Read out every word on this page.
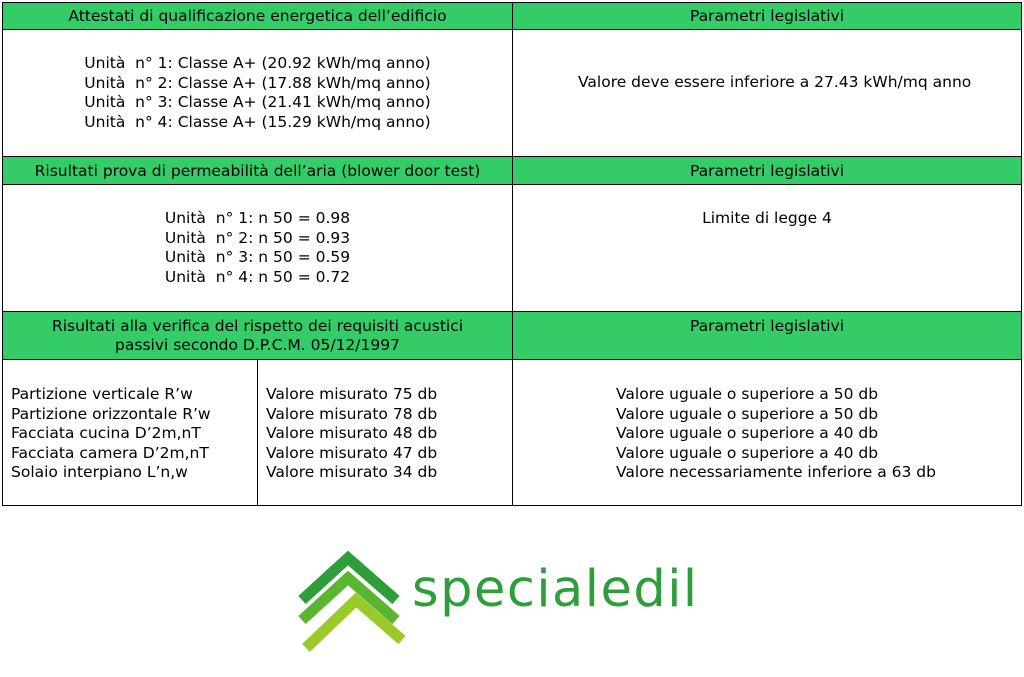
Attestati di qualificazione energetica dell’edificio	Parametri legislativi
Unità  n° 1: Classe A+ (20.92 kWh/mq anno)
Unità  n° 2: Classe A+ (17.88 kWh/mq anno)
Unità  n° 3: Classe A+ (21.41 kWh/mq anno)
Unità  n° 4: Classe A+ (15.29 kWh/mq anno)
Valore deve essere inferiore a 27.43 kWh/mq anno
Risultati prova di permeabilità dell’aria (blower door test)	Parametri legislativi
Unità  n° 1: n 50 = 0.98
Unità  n° 2: n 50 = 0.93
Unità  n° 3: n 50 = 0.59
Unità  n° 4: n 50 = 0.72
Limite di legge 4
Risultati alla verifica del rispetto dei requisiti acustici
passivi secondo D.P.C.M. 05/12/1997
Parametri legislativi
Partizione verticale R’w
Partizione orizzontale R’w
Facciata cucina D’2m,nT
Facciata camera D’2m,nT
Solaio interpiano L’n,w
Valore misurato 75 db
Valore misurato 78 db
Valore misurato 48 db
Valore misurato 47 db
Valore misurato 34 db
Valore uguale o superiore a 50 db
Valore uguale o superiore a 50 db
Valore uguale o superiore a 40 db
Valore uguale o superiore a 40 db
Valore necessariamente inferiore a 63 db
specialedil
